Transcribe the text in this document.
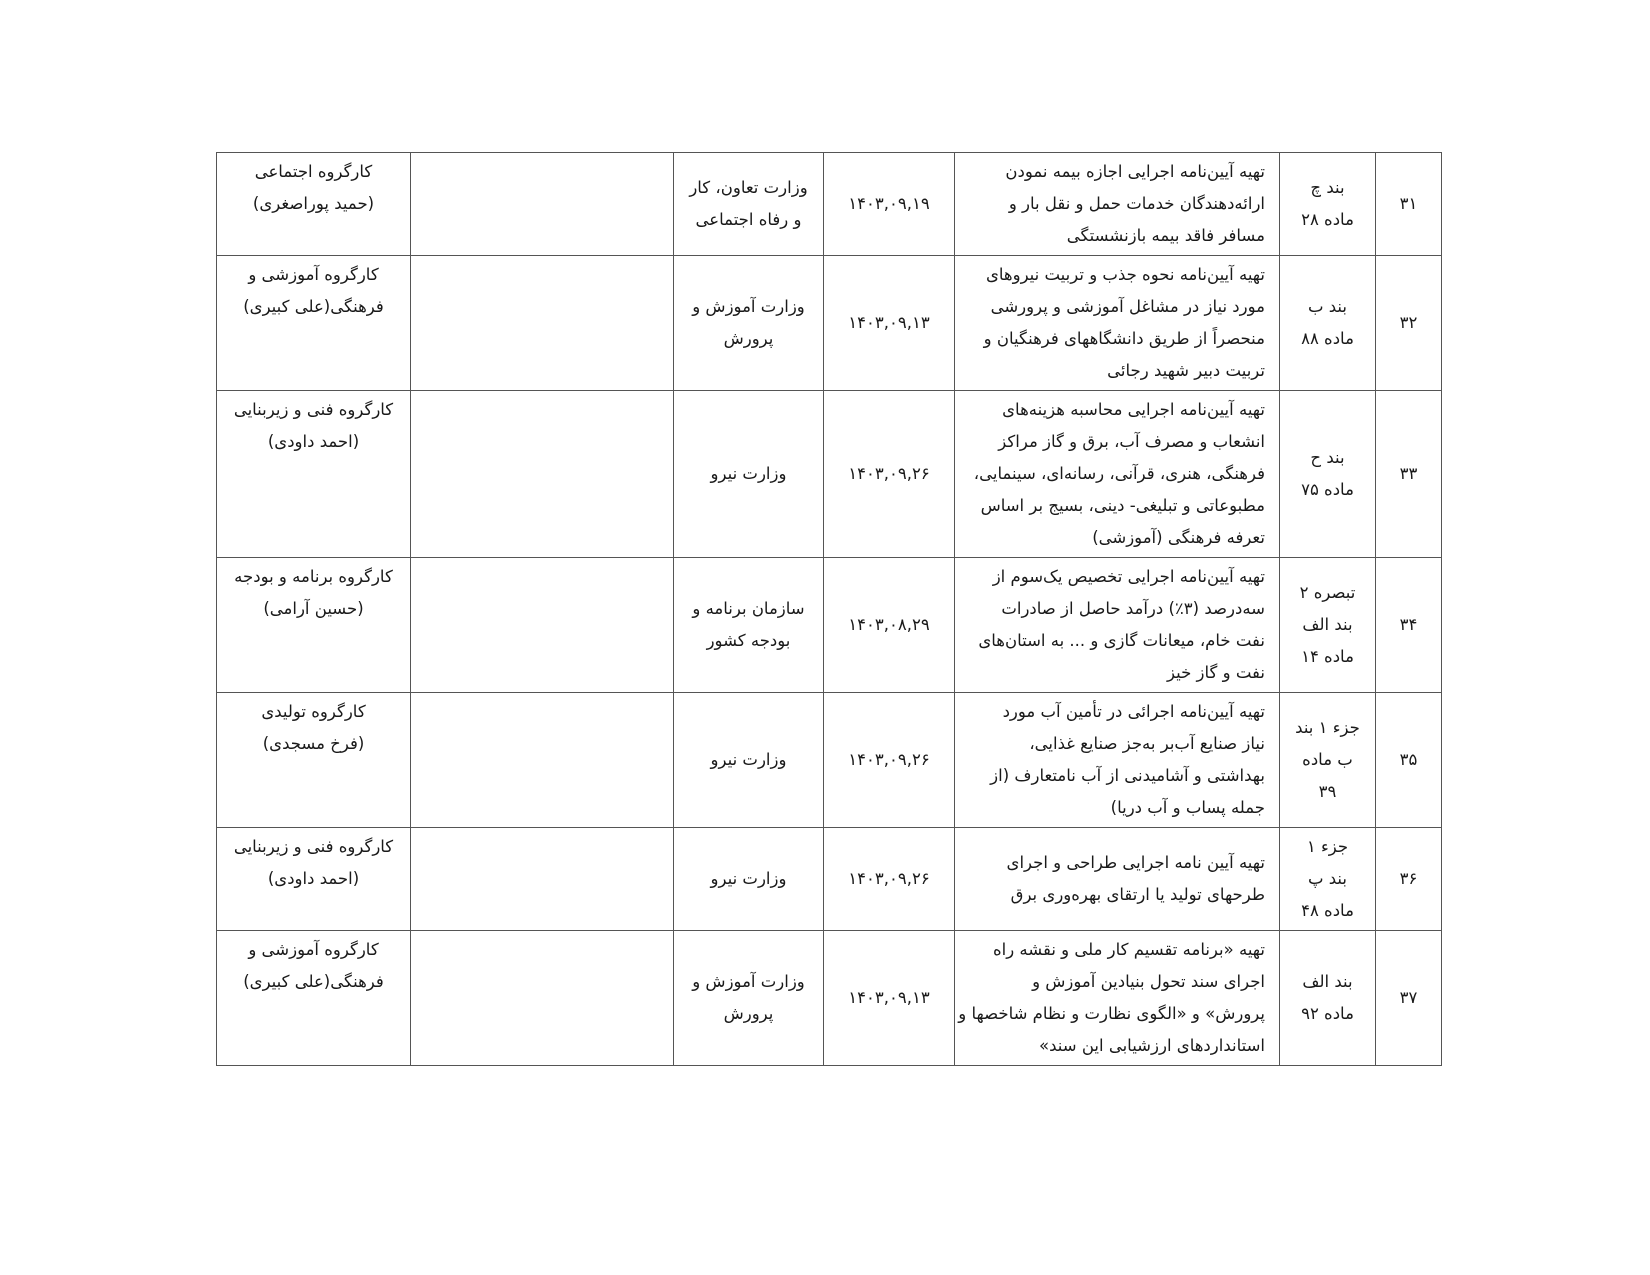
۳۱	بند چ
ماده ۲۸	تهیه آیین‌نامه اجرایی اجازه بیمه نمودن
ارائه‌دهندگان خدمات حمل و نقل بار و
مسافر فاقد بیمه بازنشستگی	۱۴۰۳,۰۹,۱۹	وزارت تعاون، کار
و رفاه اجتماعی		کارگروه اجتماعی
(حمید پوراصغری)

۳۲	بند ب
ماده ۸۸	تهیه آیین‌نامه نحوه جذب و تربیت نیروهای
مورد نیاز در مشاغل آموزشی و پرورشی
منحصراً از طریق دانشگاههای فرهنگیان و
تربیت دبیر شهید رجائی	۱۴۰۳,۰۹,۱۳	وزارت آموزش و
پرورش		کارگروه آموزشی و
فرهنگی(علی کبیری)

۳۳	بند ح
ماده ۷۵	تهیه آیین‌نامه اجرایی محاسبه هزینه‌های
انشعاب و مصرف آب، برق و گاز مراکز
فرهنگی، هنری، قرآنی، رسانه‌ای، سینمایی،
مطبوعاتی و تبلیغی- دینی، بسیج بر اساس
تعرفه فرهنگی (آموزشی)	۱۴۰۳,۰۹,۲۶	وزارت نیرو		کارگروه فنی و زیربنایی
(احمد داودی)

۳۴	تبصره ۲
بند الف
ماده ۱۴	تهیه آیین‌نامه اجرایی تخصیص یک‌سوم از
سه‌درصد (۳٪) درآمد حاصل از صادرات
نفت خام، میعانات گازی و ... به استان‌های
نفت و گاز خیز	۱۴۰۳,۰۸,۲۹	سازمان برنامه و
بودجه کشور		کارگروه برنامه و بودجه
(حسین آرامی)

۳۵	جزء ۱ بند
ب ماده
۳۹	تهیه آیین‌نامه اجرائی در تأمین آب مورد
نیاز صنایع آب‌بر به‌جز صنایع غذایی،
بهداشتی و آشامیدنی از آب نامتعارف (از
جمله پساب و آب دریا)	۱۴۰۳,۰۹,۲۶	وزارت نیرو		کارگروه تولیدی
(فرخ مسجدی)

۳۶	جزء ۱
بند پ
ماده ۴۸	تهیه آیین نامه اجرایی طراحی و اجرای
طرحهای تولید یا ارتقای بهره‌وری برق	۱۴۰۳,۰۹,۲۶	وزارت نیرو		کارگروه فنی و زیربنایی
(احمد داودی)

۳۷	بند الف
ماده ۹۲	تهیه «برنامه تقسیم کار ملی و نقشه راه
اجرای سند تحول بنیادین آموزش و
پرورش» و «الگوی نظارت و نظام شاخصها و
استانداردهای ارزشیابی این سند»	۱۴۰۳,۰۹,۱۳	وزارت آموزش و
پرورش		کارگروه آموزشی و
فرهنگی(علی کبیری)
